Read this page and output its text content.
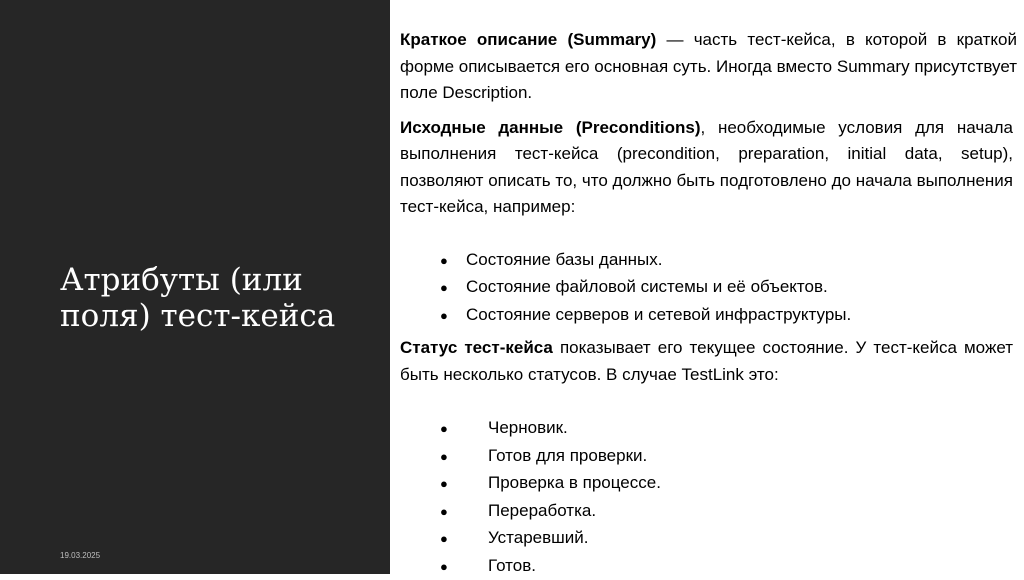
Атрибуты (или поля) тест-кейса
19.03.2025

Краткое описание (Summary) — часть тест-кейса, в которой в краткой форме описывается его основная суть. Иногда вместо Summary присутствует поле Description.

Исходные данные (Preconditions), необходимые условия для начала выполнения тест-кейса (precondition, preparation, initial data, setup), позволяют описать то, что должно быть подготовлено до начала выполнения тест-кейса, например:

●	Состояние базы данных.
●	Состояние файловой системы и её объектов.
●	Состояние серверов и сетевой инфраструктуры.

Статус тест-кейса показывает его текущее состояние. У тест-кейса может быть несколько статусов. В случае TestLink это:

●	Черновик.
●	Готов для проверки.
●	Проверка в процессе.
●	Переработка.
●	Устаревший.
●	Готов.
